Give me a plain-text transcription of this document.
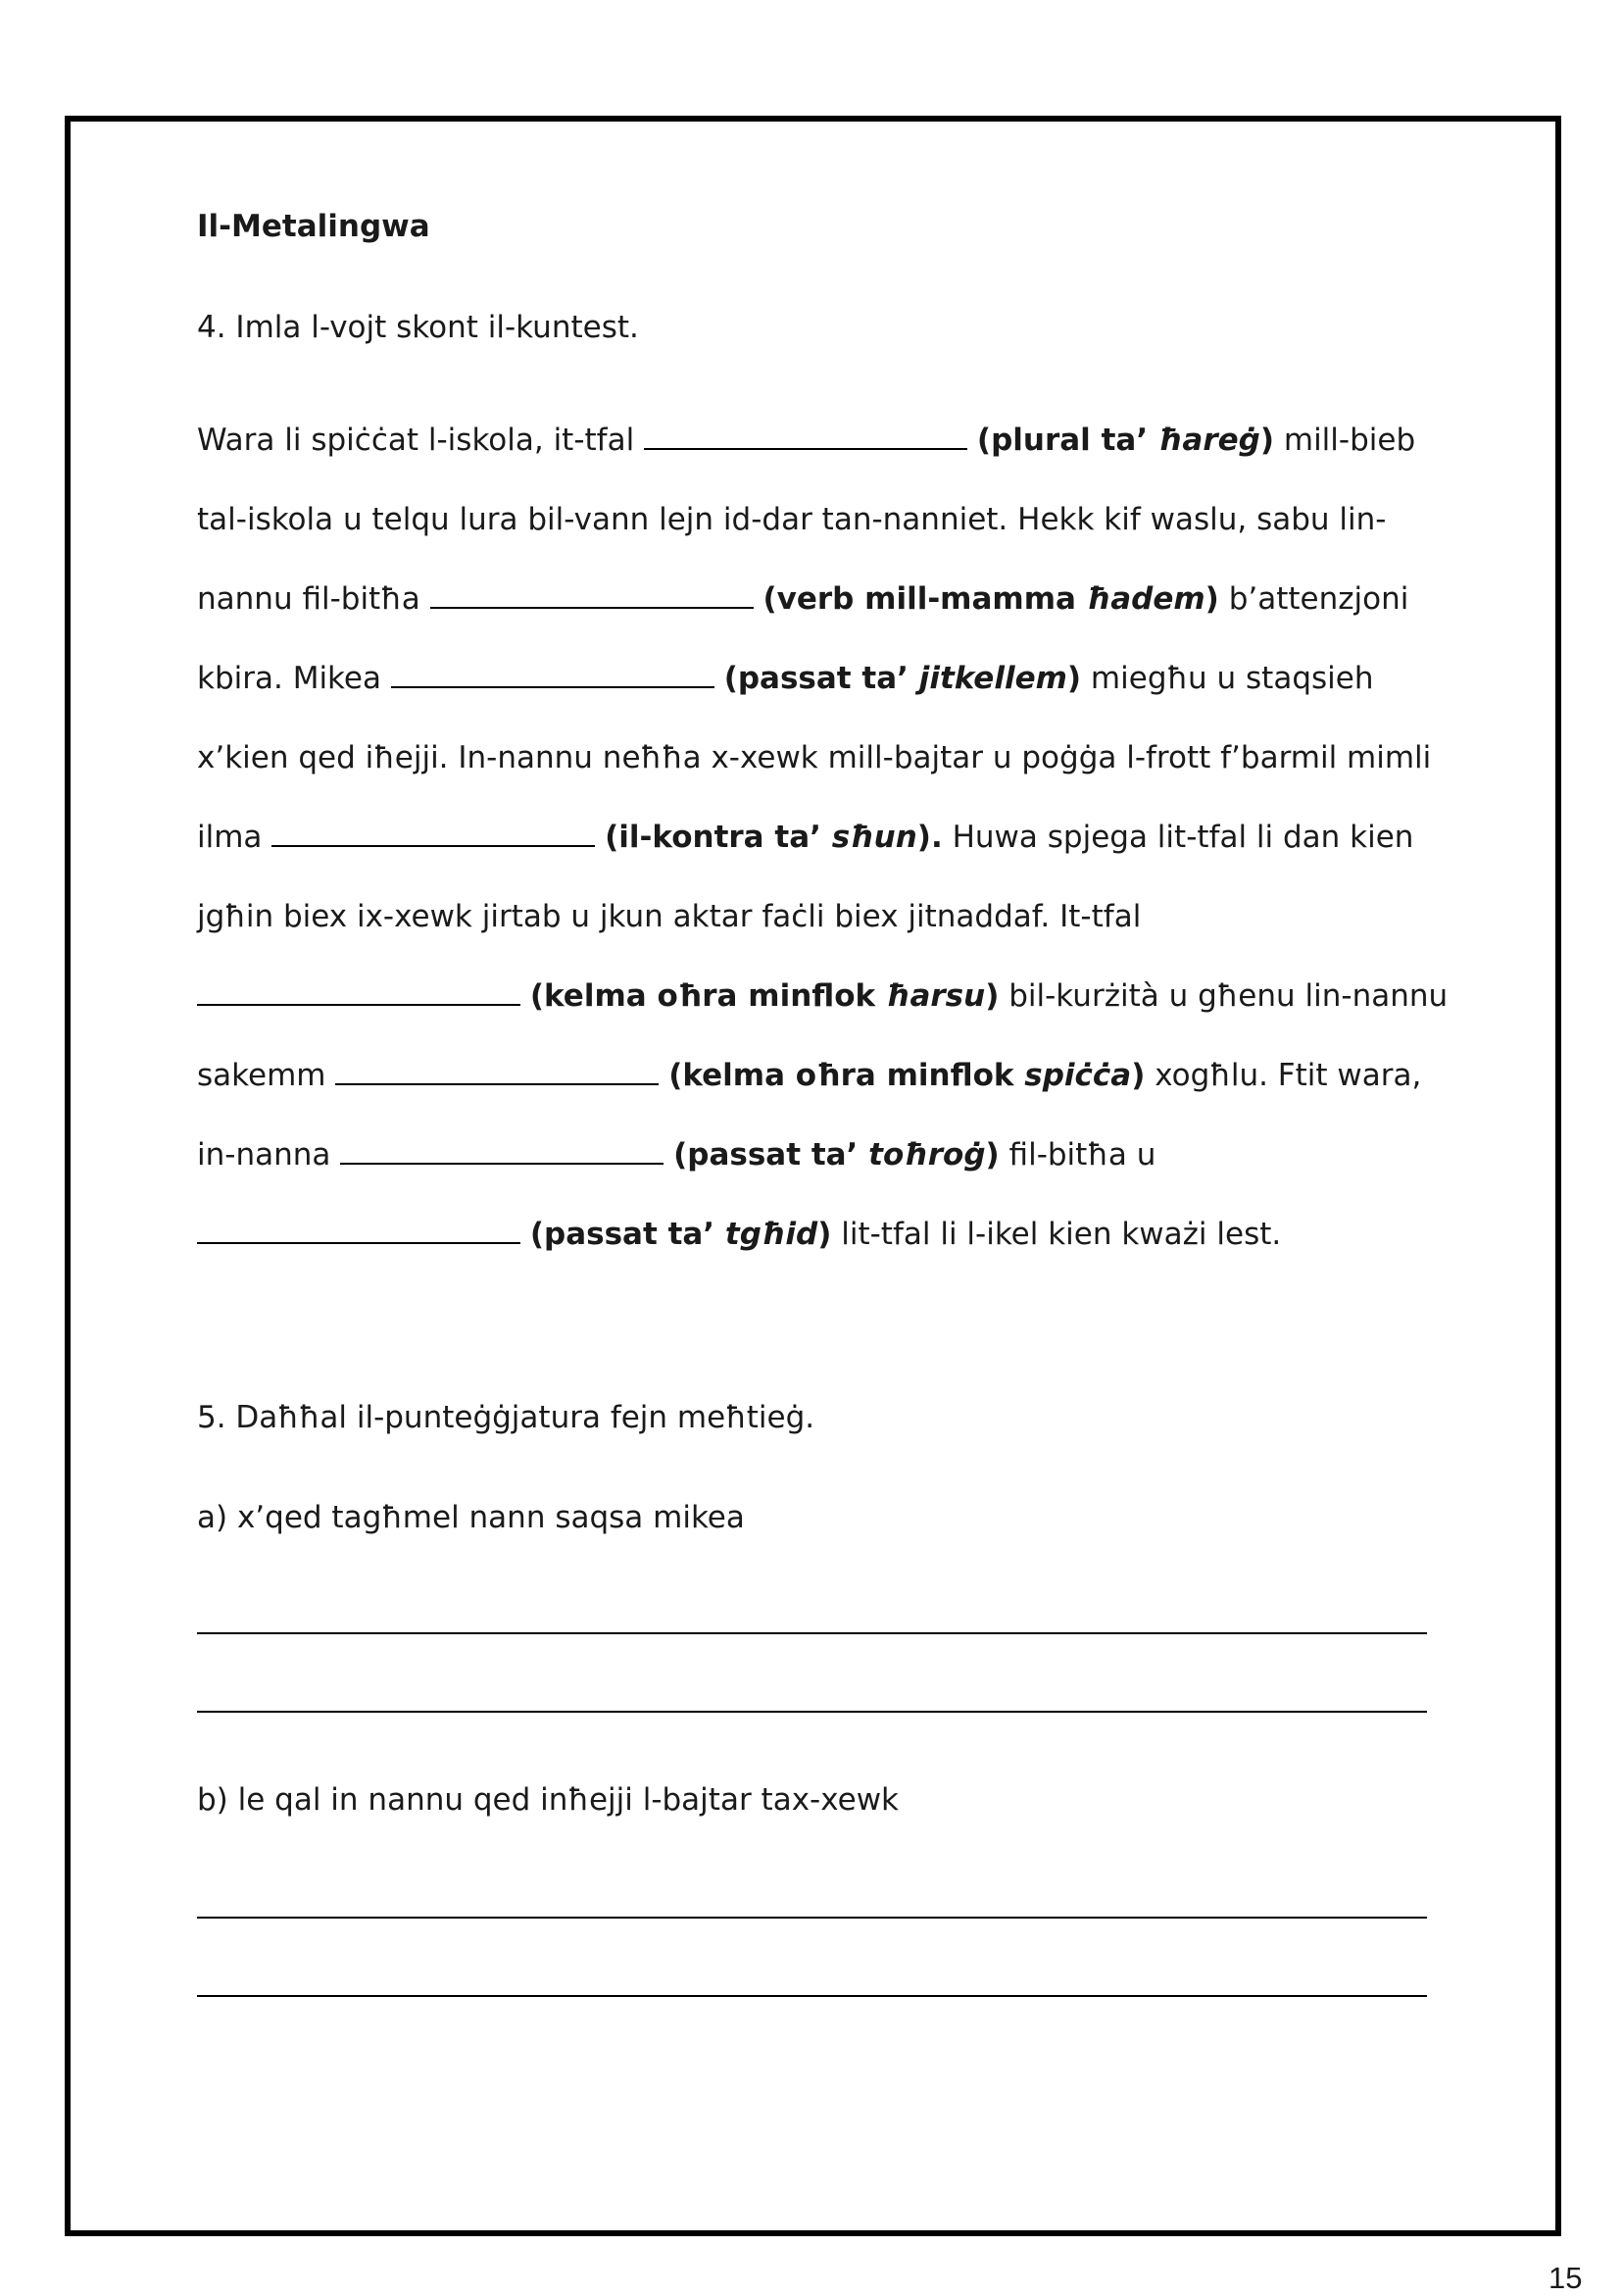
Il-Metalingwa
4. Imla l-vojt skont il-kuntest.
Wara li spiċċat l-iskola, it-tfal	(plural ta’ ħareġ) mill-bieb
tal-iskola u telqu lura bil-vann lejn id-dar tan-nanniet. Hekk kif waslu, sabu lin-
nannu fil-bitħa	(verb mill-mamma ħadem) b’attenzjoni
kbira. Mikea	(passat ta’ jitkellem) miegħu u staqsieh
x’kien qed iħejji. In-nannu neħħa x-xewk mill-bajtar u poġġa l-frott f’barmil mimli
ilma	(il-kontra ta’ sħun). Huwa spjega lit-tfal li dan kien
jgħin biex ix-xewk jirtab u jkun aktar faċli biex jitnaddaf. It-tfal
(kelma oħra minflok ħarsu) bil-kurżità u għenu lin-nannu
sakemm	(kelma oħra minflok spiċċa) xogħlu. Ftit wara,
in-nanna	(passat ta’ toħroġ) fil-bitħa u
(passat ta’ tgħid) lit-tfal li l-ikel kien kważi lest.
5. Daħħal il-punteġġjatura fejn meħtieġ.
a) x’qed tagħmel nann saqsa mikea
b) le qal in nannu qed inħejji l-bajtar tax-xewk
15
